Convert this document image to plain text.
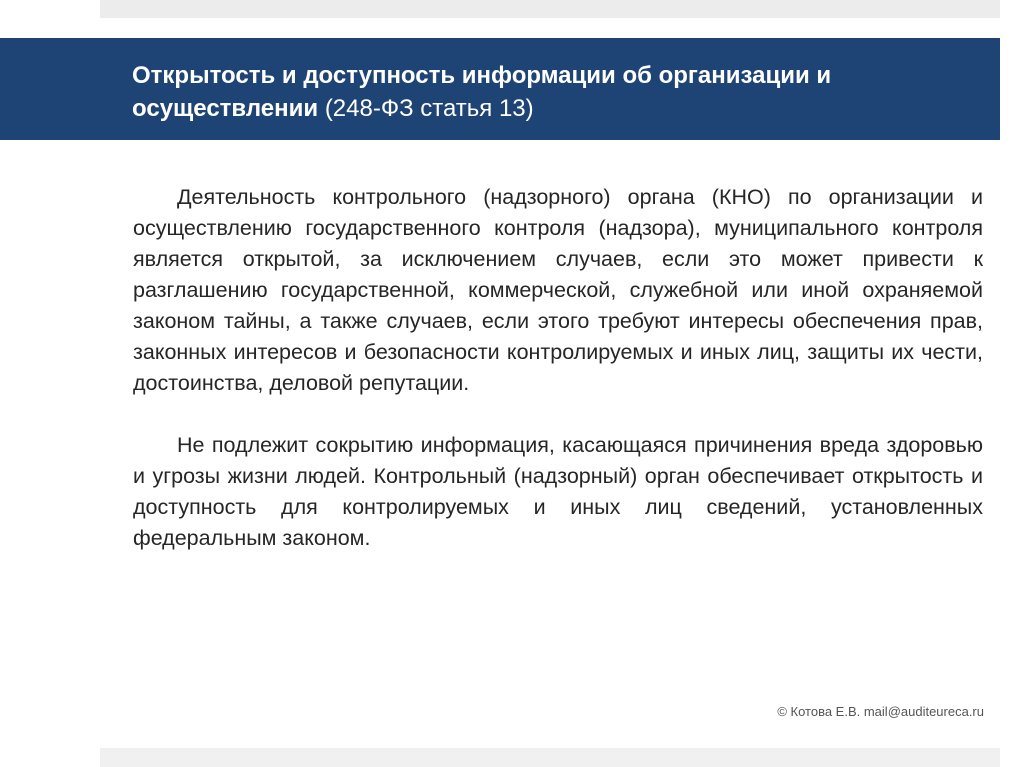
Открытость и доступность информации об организации и осуществлении (248-ФЗ статья 13)

Деятельность контрольного (надзорного) органа (КНО) по организации и осуществлению государственного контроля (надзора), муниципального контроля является открытой, за исключением случаев, если это может привести к разглашению государственной, коммерческой, служебной или иной охраняемой законом тайны, а также случаев, если этого требуют интересы обеспечения прав, законных интересов и безопасности контролируемых и иных лиц, защиты их чести, достоинства, деловой репутации.

Не подлежит сокрытию информация, касающаяся причинения вреда здоровью и угрозы жизни людей. Контрольный (надзорный) орган обеспечивает открытость и доступность для контролируемых и иных лиц сведений, установленных федеральным законом.

© Котова Е.В. mail@auditeureca.ru
